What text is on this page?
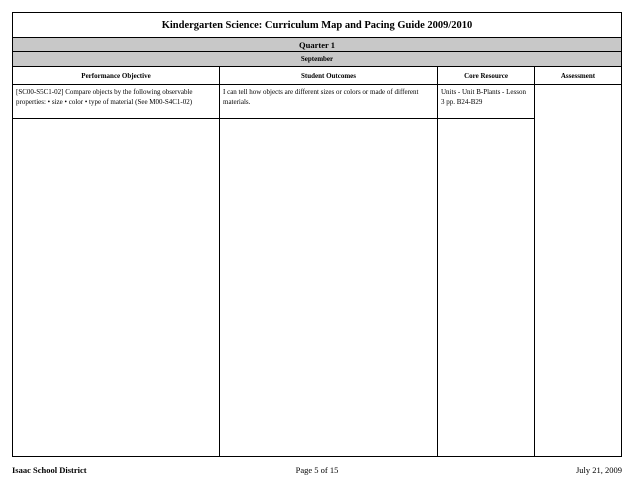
Kindergarten Science: Curriculum Map and Pacing Guide 2009/2010
Quarter 1
September
Performance Objective
[SC00-S5C1-02] Compare objects by the following observable properties: • size • color • type of material (See M00-S4C1-02)
Student Outcomes
I can tell how objects are different sizes or colors or made of different materials.
Core Resource
Units - Unit B-Plants - Lesson 3 pp. B24-B29
Assessment
Isaac School District	Page 5 of 15	July 21, 2009
